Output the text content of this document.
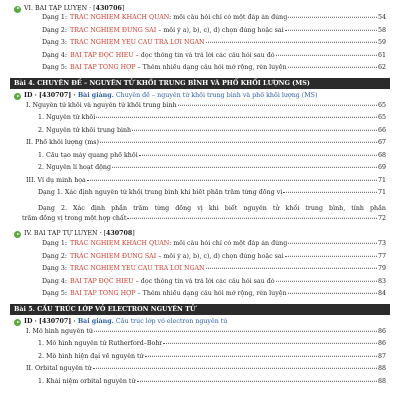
VI. BÀI TẬP LUYỆN · [430706]
Dạng 1: TRẮC NGHIỆM KHÁCH QUAN: mỗi câu hỏi chỉ có một đáp án đúng	54
Dạng 2: TRẮC NGHIỆM ĐÚNG SAI – mỗi ý a), b), c), d) chọn đúng hoặc sai	58
Dạng 3: TRẮC NGHIỆM YÊU CẦU TRẢ LỜI NGẮN	59
Dạng 4: BÀI TẬP ĐỌC HIỂU – đọc thông tin và trả lời các câu hỏi sau đó	61
Dạng 5: BÀI TẬP TỔNG HỢP – Thêm nhiều dạng câu hỏi mở rộng, rèn luyện	62
Bài 4. CHUYÊN ĐỀ – NGUYÊN TỬ KHỐI TRUNG BÌNH VÀ PHỔ KHỐI LƯỢNG (MS)
ID · [430707] · Bài giảng. Chuyên đề – nguyên tử khối trung bình và phổ khối lượng (MS)
I. Nguyên tử khối và nguyên tử khối trung bình	65
1. Nguyên tử khối	65
2. Nguyên tử khối trung bình	66
II. Phổ khối lượng (ms)	67
1. Cấu tạo máy quang phổ khối	68
2. Nguyên lí hoạt động	69
III. Ví dụ minh họa	71
Dạng 1. Xác định nguyên tử khối trung bình khi biết phần trăm từng đồng vị	71
Dạng 2. Xác định phần trăm từng đồng vị khi biết nguyên tử khối trung bình, tính phần
trăm đồng vị trong một hợp chất	72
IV. BÀI TẬP TỰ LUYỆN · [430708]
Dạng 1: TRẮC NGHIỆM KHÁCH QUAN: mỗi câu hỏi chỉ có một đáp án đúng	73
Dạng 2: TRẮC NGHIỆM ĐÚNG SAI – mỗi ý a), b), c), d) chọn đúng hoặc sai	77
Dạng 3: TRẮC NGHIỆM YÊU CẦU TRẢ LỜI NGẮN	79
Dạng 4: BÀI TẬP ĐỌC HIỂU – đọc thông tin và trả lời các câu hỏi sau đó	83
Dạng 5: BÀI TẬP TỔNG HỢP – Thêm nhiều dạng câu hỏi mở rộng, rèn luyện	84
Bài 5. CẤU TRÚC LỚP VỎ ELECTRON NGUYÊN TỬ
ID · [430707] · Bài giảng. Cấu trúc lớp vỏ electron nguyên tử
I. Mô hình nguyên tử	86
1. Mô hình nguyên tử Rutherford–Bohr	86
2. Mô hình hiện đại về nguyên tử	87
II. Orbital nguyên tử	88
1. Khái niệm orbital nguyên tử	88
